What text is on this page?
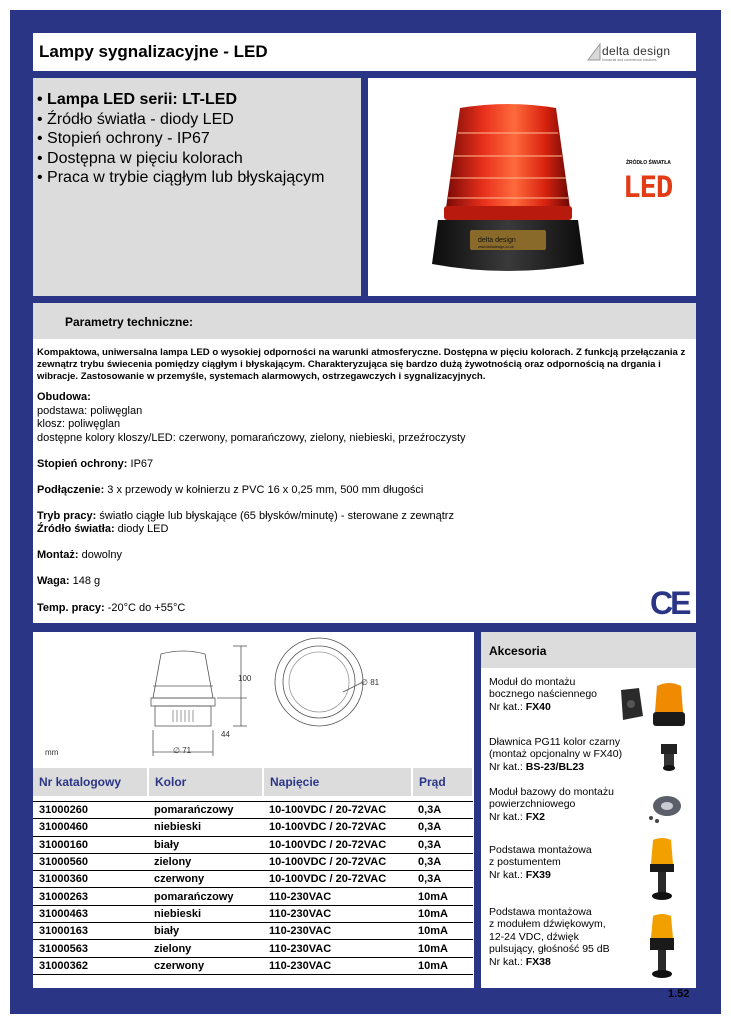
Lampy sygnalizacyjne - LED	delta design
Industrial and commercial solutions
• Lampa LED serii: LT-LED
• Źródło światła - diody LED
• Stopień ochrony - IP67
• Dostępna w pięciu kolorach
• Praca w trybie ciągłym lub błyskającym
delta design
www.deltadesign.co.uk
ŹRÓDŁO ŚWIATŁA
LED
Parametry techniczne:
Kompaktowa, uniwersalna lampa LED o wysokiej odporności na warunki atmosferyczne. Dostępna w pięciu kolorach. Z funkcją przełączania z zewnątrz trybu świecenia pomiędzy ciągłym i błyskającym. Charakteryzująca się bardzo dużą żywotnością oraz odpornością na drgania i wibracje. Zastosowanie w przemyśle, systemach alarmowych, ostrzegawczych i sygnalizacyjnych.
Obudowa:
podstawa: poliwęglan
klosz: poliwęglan
dostępne kolory kloszy/LED: czerwony, pomarańczowy, zielony, niebieski, przeźroczysty
Stopień ochrony: IP67
Podłączenie: 3 x przewody w kołnierzu z PVC 16 x 0,25 mm, 500 mm długości
Tryb pracy: światło ciągłe lub błyskające (65 błysków/minutę) - sterowane z zewnątrz
Źródło światła: diody LED
Montaż: dowolny
Waga: 148 g
Temp. pracy: -20°C do +55°C	CE
100
44
∅ 71
∅ 81
mm
Nr katalogowy	Kolor	Napięcie	Prąd

31000260	pomarańczowy	10-100VDC / 20-72VAC	0,3A
31000460	niebieski	10-100VDC / 20-72VAC	0,3A
31000160	biały	10-100VDC / 20-72VAC	0,3A
31000560	zielony	10-100VDC / 20-72VAC	0,3A
31000360	czerwony	10-100VDC / 20-72VAC	0,3A
31000263	pomarańczowy	110-230VAC	10mA
31000463	niebieski	110-230VAC	10mA
31000163	biały	110-230VAC	10mA
31000563	zielony	110-230VAC	10mA
31000362	czerwony	110-230VAC	10mA
Akcesoria
Moduł do montażu
bocznego naściennego
Nr kat.: FX40
Dławnica PG11 kolor czarny
(montaż opcjonalny w FX40)
Nr kat.: BS-23/BL23
Moduł bazowy do montażu
powierzchniowego
Nr kat.: FX2
Podstawa montażowa
z postumentem
Nr kat.: FX39
Podstawa montażowa
z modułem dźwiękowym,
12-24 VDC, dźwięk
pulsujący, głośność 95 dB
Nr kat.: FX38
tel.: 71 794 57 19	oferty@serwoautomatyka.com.pl	www.serwoautomatyka.com.pl	1.52
